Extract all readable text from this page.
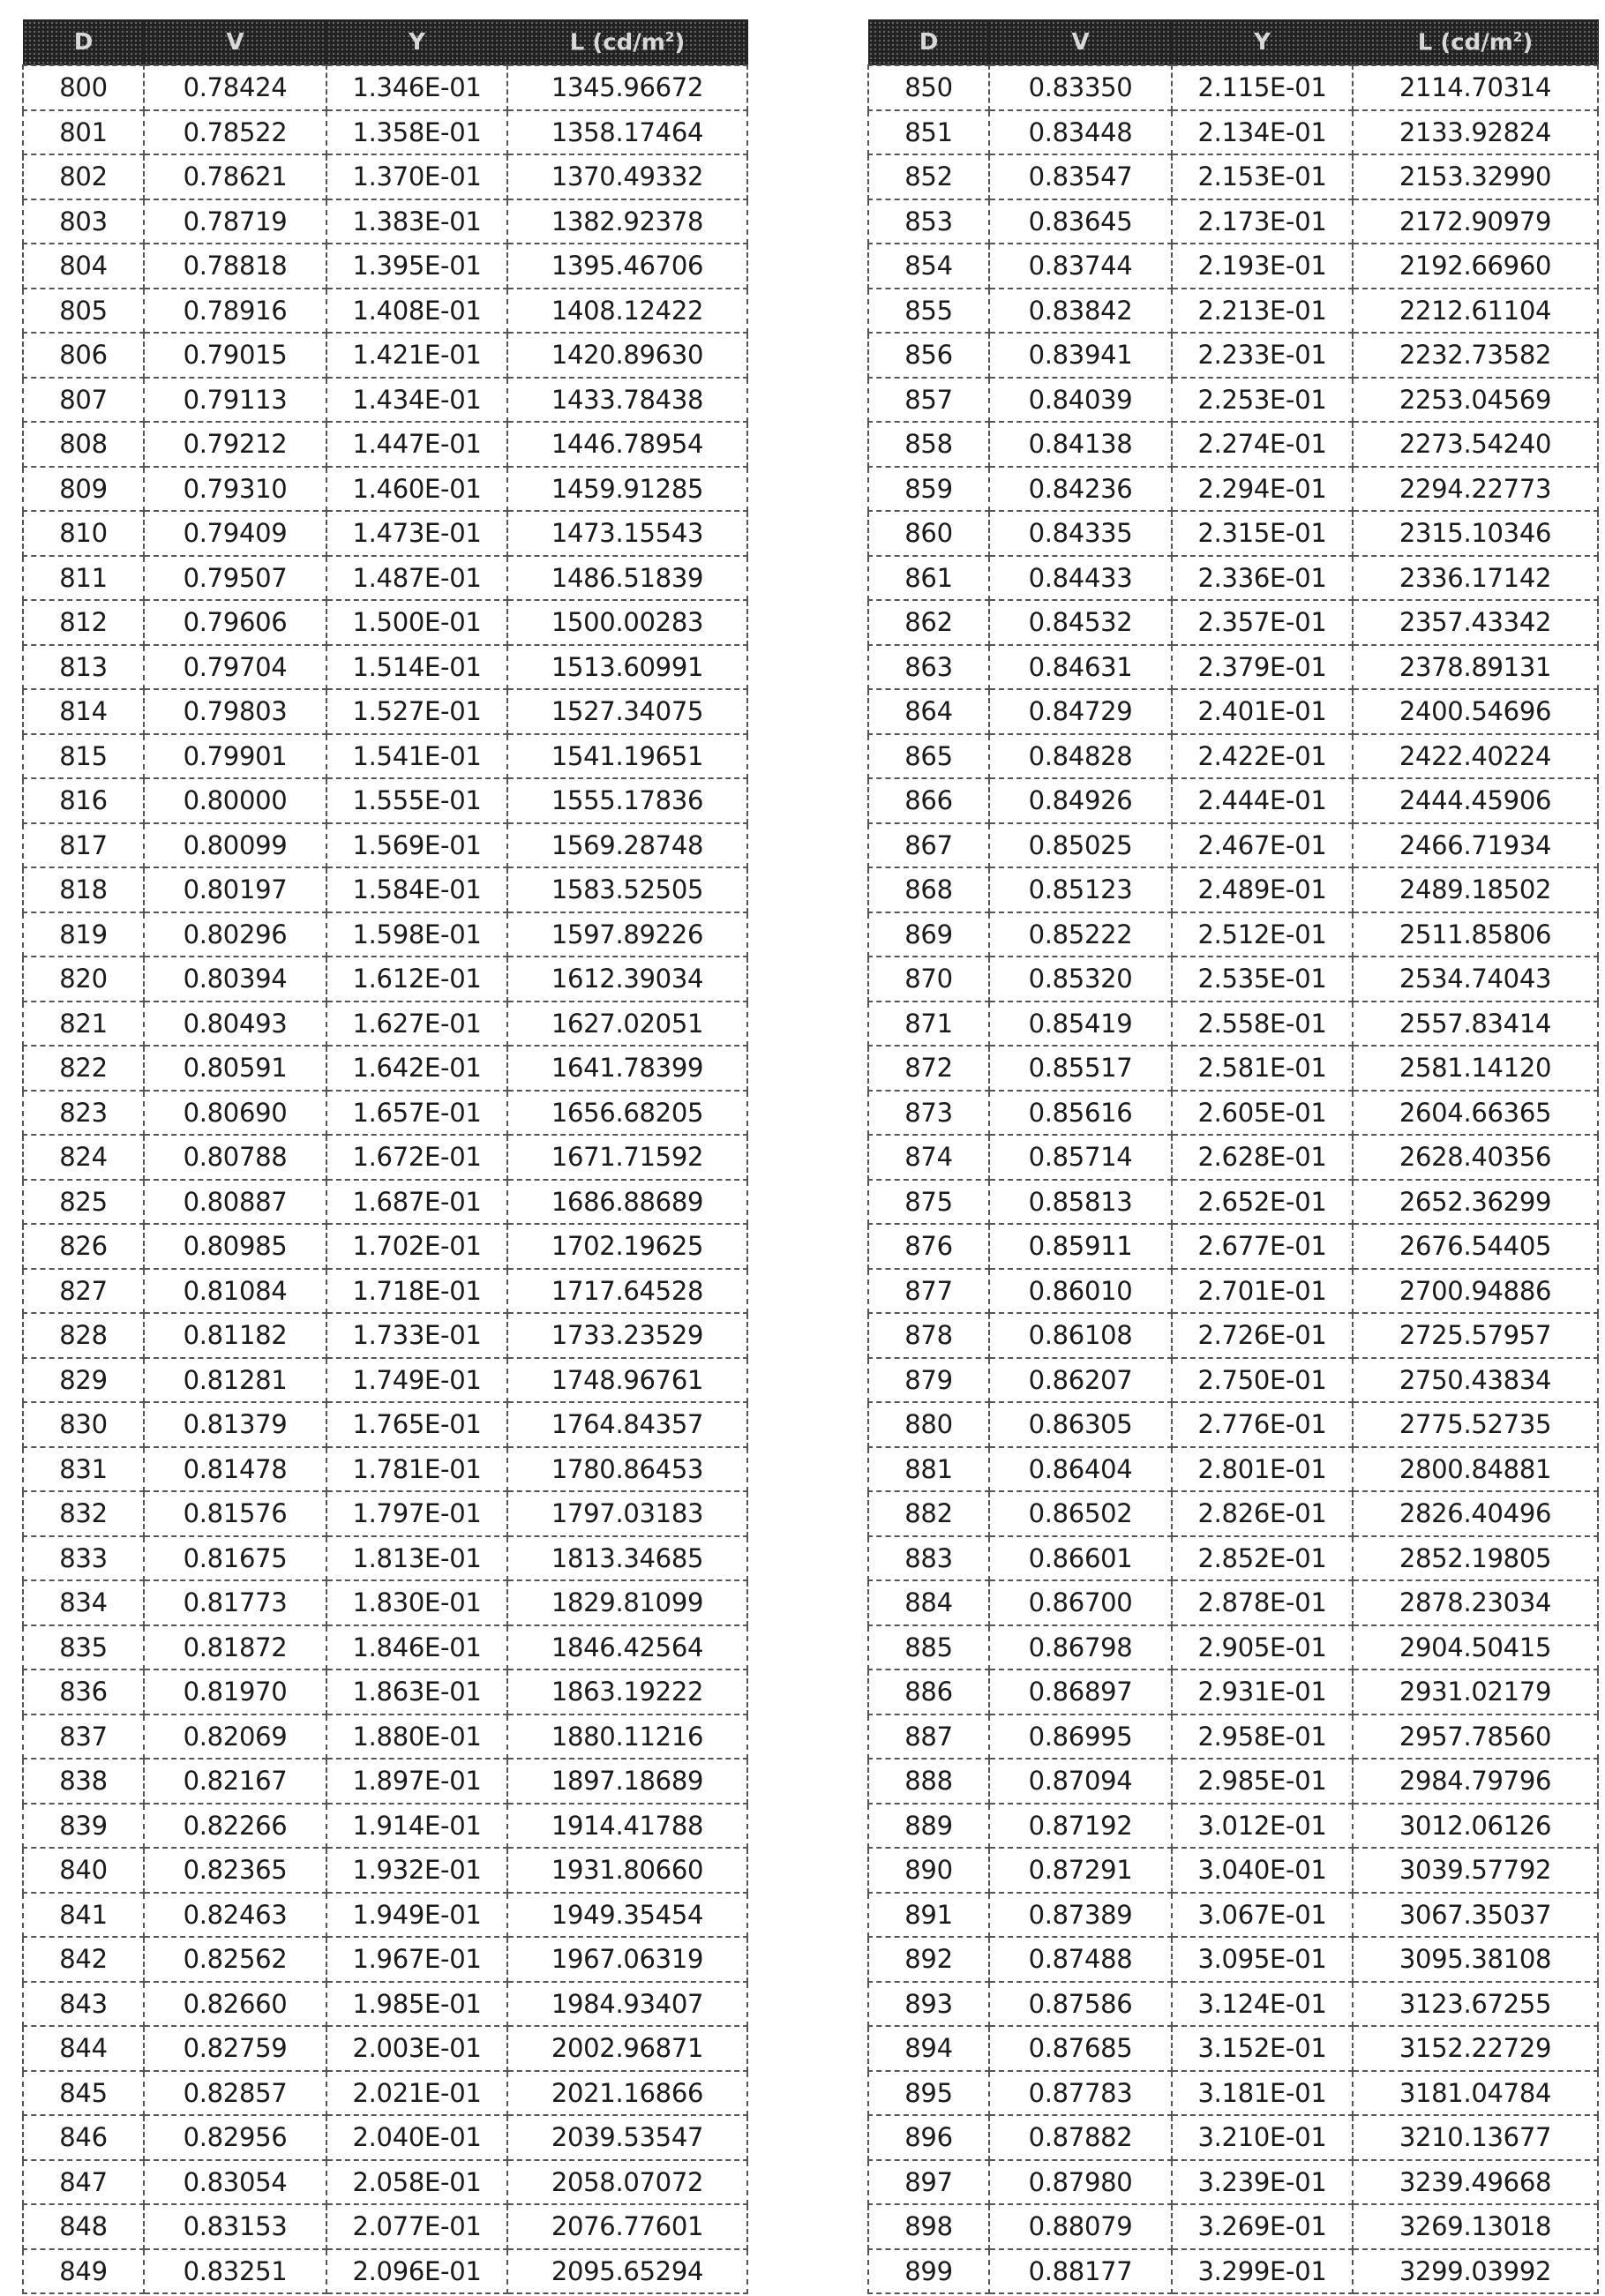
D	V	Y	L $(cd/m^2)$
800	0.78424	1.346E-01	1345.96672
801	0.78522	1.358E-01	1358.17464
802	0.78621	1.370E-01	1370.49332
803	0.78719	1.383E-01	1382.92378
804	0.78818	1.395E-01	1395.46706
805	0.78916	1.408E-01	1408.12422
806	0.79015	1.421E-01	1420.89630
807	0.79113	1.434E-01	1433.78438
808	0.79212	1.447E-01	1446.78954
809	0.79310	1.460E-01	1459.91285
810	0.79409	1.473E-01	1473.15543
811	0.79507	1.487E-01	1486.51839
812	0.79606	1.500E-01	1500.00283
813	0.79704	1.514E-01	1513.60991
814	0.79803	1.527E-01	1527.34075
815	0.79901	1.541E-01	1541.19651
816	0.80000	1.555E-01	1555.17836
817	0.80099	1.569E-01	1569.28748
818	0.80197	1.584E-01	1583.52505
819	0.80296	1.598E-01	1597.89226
820	0.80394	1.612E-01	1612.39034
821	0.80493	1.627E-01	1627.02051
822	0.80591	1.642E-01	1641.78399
823	0.80690	1.657E-01	1656.68205
824	0.80788	1.672E-01	1671.71592
825	0.80887	1.687E-01	1686.88689
826	0.80985	1.702E-01	1702.19625
827	0.81084	1.718E-01	1717.64528
828	0.81182	1.733E-01	1733.23529
829	0.81281	1.749E-01	1748.96761
830	0.81379	1.765E-01	1764.84357
831	0.81478	1.781E-01	1780.86453
832	0.81576	1.797E-01	1797.03183
833	0.81675	1.813E-01	1813.34685
834	0.81773	1.830E-01	1829.81099
835	0.81872	1.846E-01	1846.42564
836	0.81970	1.863E-01	1863.19222
837	0.82069	1.880E-01	1880.11216
838	0.82167	1.897E-01	1897.18689
839	0.82266	1.914E-01	1914.41788
840	0.82365	1.932E-01	1931.80660
841	0.82463	1.949E-01	1949.35454
842	0.82562	1.967E-01	1967.06319
843	0.82660	1.985E-01	1984.93407
844	0.82759	2.003E-01	2002.96871
845	0.82857	2.021E-01	2021.16866
846	0.82956	2.040E-01	2039.53547
847	0.83054	2.058E-01	2058.07072
848	0.83153	2.077E-01	2076.77601
849	0.83251	2.096E-01	2095.65294
D	V	Y	L $(cd/m^2)$
850	0.83350	2.115E-01	2114.70314
851	0.83448	2.134E-01	2133.92824
852	0.83547	2.153E-01	2153.32990
853	0.83645	2.173E-01	2172.90979
854	0.83744	2.193E-01	2192.66960
855	0.83842	2.213E-01	2212.61104
856	0.83941	2.233E-01	2232.73582
857	0.84039	2.253E-01	2253.04569
858	0.84138	2.274E-01	2273.54240
859	0.84236	2.294E-01	2294.22773
860	0.84335	2.315E-01	2315.10346
861	0.84433	2.336E-01	2336.17142
862	0.84532	2.357E-01	2357.43342
863	0.84631	2.379E-01	2378.89131
864	0.84729	2.401E-01	2400.54696
865	0.84828	2.422E-01	2422.40224
866	0.84926	2.444E-01	2444.45906
867	0.85025	2.467E-01	2466.71934
868	0.85123	2.489E-01	2489.18502
869	0.85222	2.512E-01	2511.85806
870	0.85320	2.535E-01	2534.74043
871	0.85419	2.558E-01	2557.83414
872	0.85517	2.581E-01	2581.14120
873	0.85616	2.605E-01	2604.66365
874	0.85714	2.628E-01	2628.40356
875	0.85813	2.652E-01	2652.36299
876	0.85911	2.677E-01	2676.54405
877	0.86010	2.701E-01	2700.94886
878	0.86108	2.726E-01	2725.57957
879	0.86207	2.750E-01	2750.43834
880	0.86305	2.776E-01	2775.52735
881	0.86404	2.801E-01	2800.84881
882	0.86502	2.826E-01	2826.40496
883	0.86601	2.852E-01	2852.19805
884	0.86700	2.878E-01	2878.23034
885	0.86798	2.905E-01	2904.50415
886	0.86897	2.931E-01	2931.02179
887	0.86995	2.958E-01	2957.78560
888	0.87094	2.985E-01	2984.79796
889	0.87192	3.012E-01	3012.06126
890	0.87291	3.040E-01	3039.57792
891	0.87389	3.067E-01	3067.35037
892	0.87488	3.095E-01	3095.38108
893	0.87586	3.124E-01	3123.67255
894	0.87685	3.152E-01	3152.22729
895	0.87783	3.181E-01	3181.04784
896	0.87882	3.210E-01	3210.13677
897	0.87980	3.239E-01	3239.49668
898	0.88079	3.269E-01	3269.13018
899	0.88177	3.299E-01	3299.03992
